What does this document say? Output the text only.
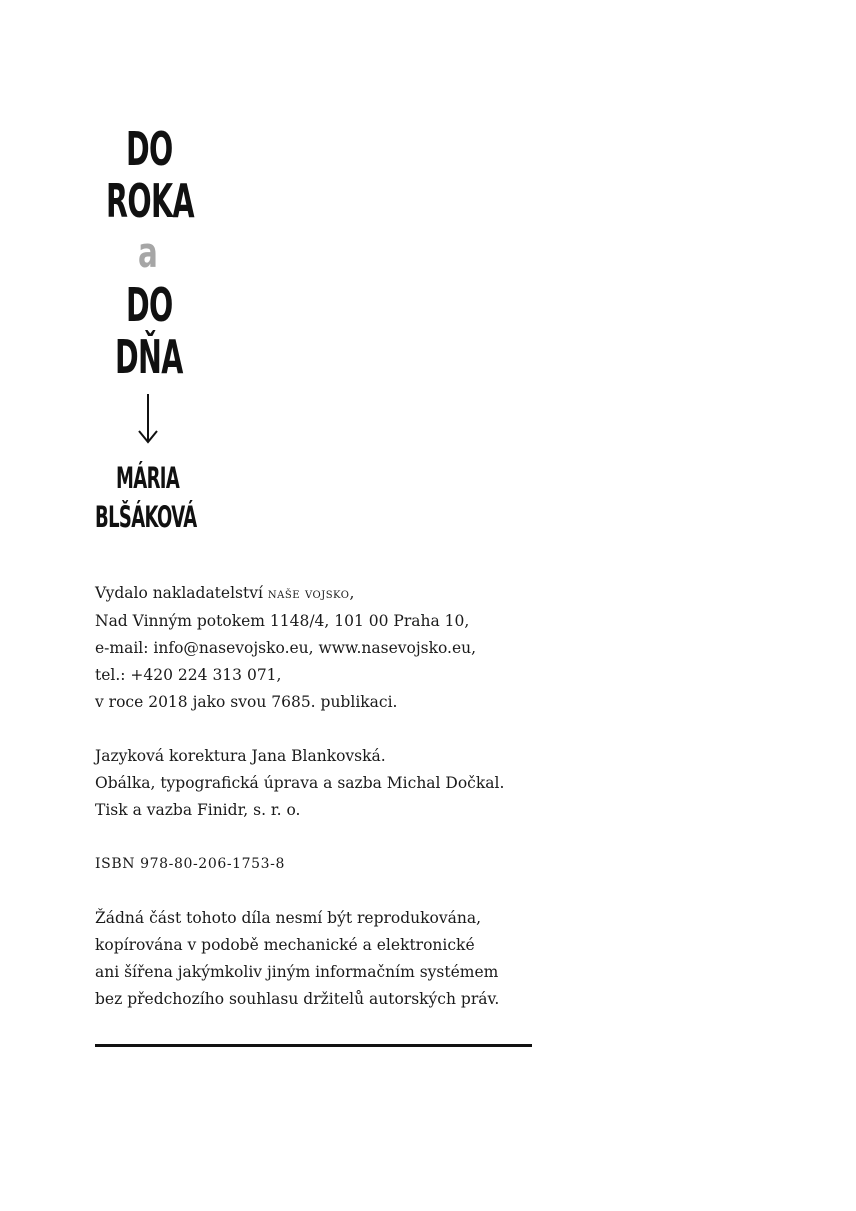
DO
ROKA
a
DO
DŇA
MÁRIA
BLŠÁKOVÁ

Vydalo nakladatelství naše vojsko,

Nad Vinným potokem 1148/4, 101 00 Praha 10,

e-mail: info@nasevojsko.eu, www.nasevojsko.eu,

tel.: +420 224 313 071,

v roce 2018 jako svou 7685. publikaci.

Jazyková korektura Jana Blankovská.

Obálka, typografická úprava a sazba Michal Dočkal.

Tisk a vazba Finidr, s. r. o.

ISBN 978-80-206-1753-8

Žádná část tohoto díla nesmí být reprodukována,

kopírována v podobě mechanické a elektronické

ani šířena jakýmkoliv jiným informačním systémem

bez předchozího souhlasu držitelů autorských práv.
